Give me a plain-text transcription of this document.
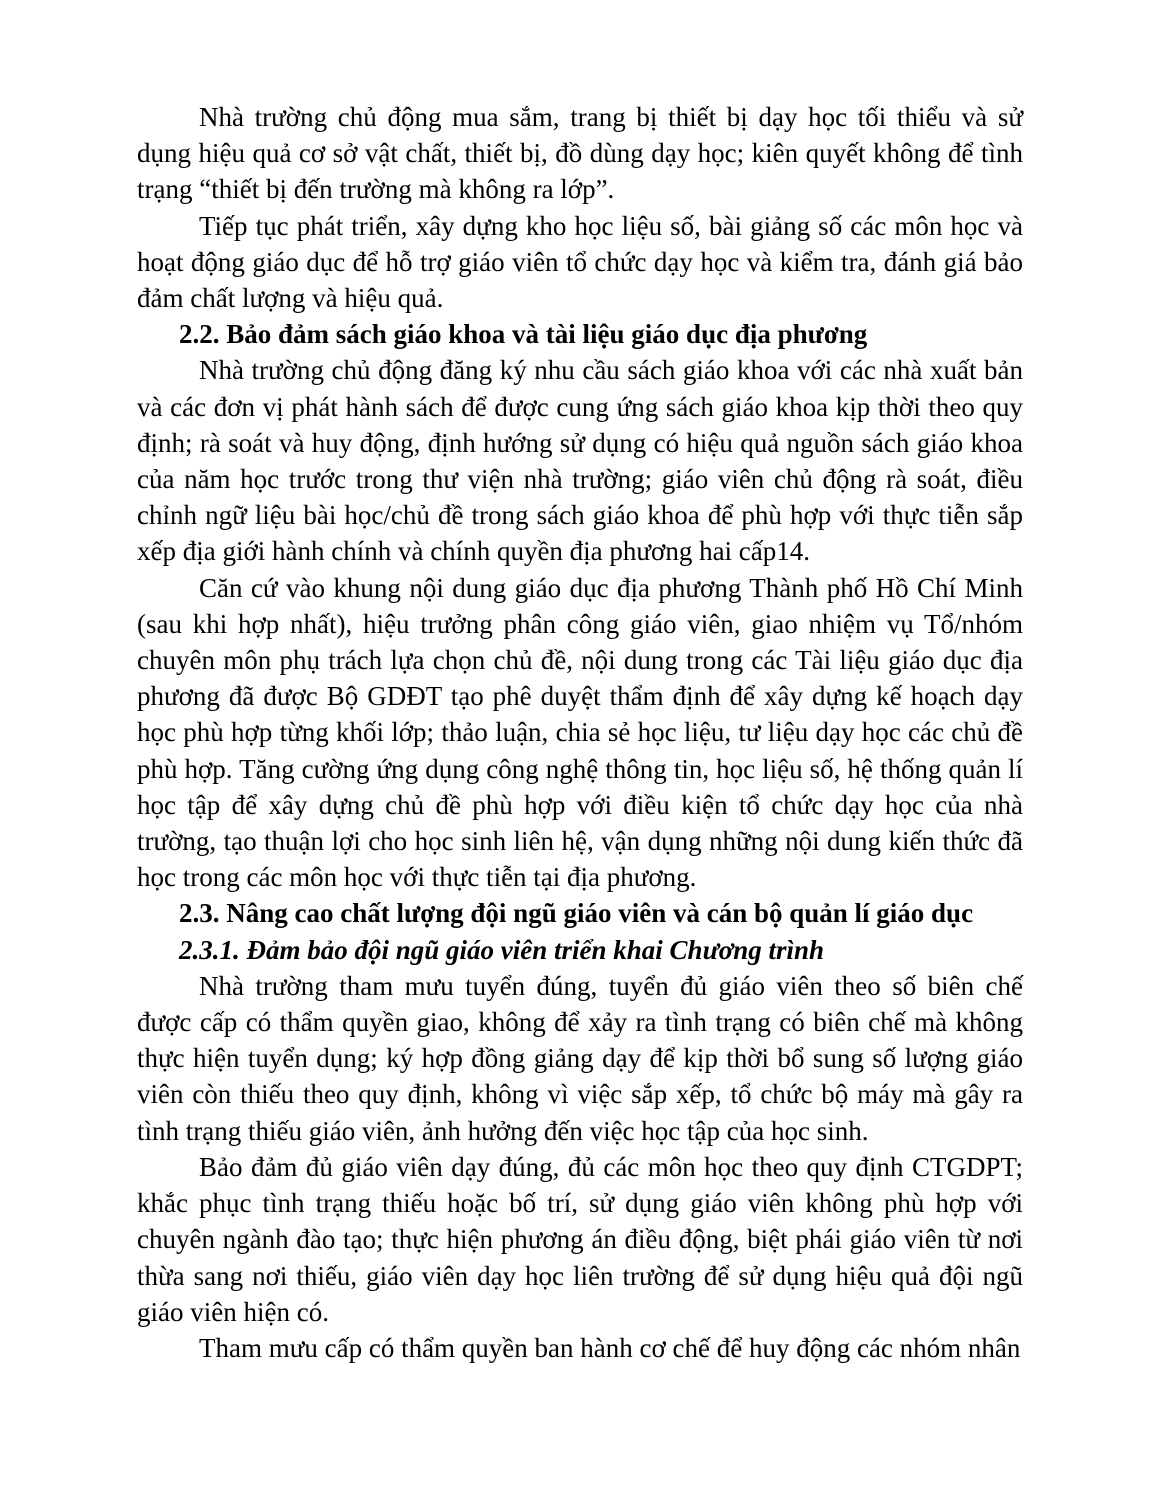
Nhà trường chủ động mua sắm, trang bị thiết bị dạy học tối thiểu và sử dụng hiệu quả cơ sở vật chất, thiết bị, đồ dùng dạy học; kiên quyết không để tình trạng “thiết bị đến trường mà không ra lớp”.

Tiếp tục phát triển, xây dựng kho học liệu số, bài giảng số các môn học và hoạt động giáo dục để hỗ trợ giáo viên tổ chức dạy học và kiểm tra, đánh giá bảo đảm chất lượng và hiệu quả.

2.2. Bảo đảm sách giáo khoa và tài liệu giáo dục địa phương

Nhà trường chủ động đăng ký nhu cầu sách giáo khoa với các nhà xuất bản và các đơn vị phát hành sách để được cung ứng sách giáo khoa kịp thời theo quy định; rà soát và huy động, định hướng sử dụng có hiệu quả nguồn sách giáo khoa của năm học trước trong thư viện nhà trường; giáo viên chủ động rà soát, điều chỉnh ngữ liệu bài học/chủ đề trong sách giáo khoa để phù hợp với thực tiễn sắp xếp địa giới hành chính và chính quyền địa phương hai cấp14.

Căn cứ vào khung nội dung giáo dục địa phương Thành phố Hồ Chí Minh (sau khi hợp nhất), hiệu trưởng phân công giáo viên, giao nhiệm vụ Tổ/nhóm chuyên môn phụ trách lựa chọn chủ đề, nội dung trong các Tài liệu giáo dục địa phương đã được Bộ GDĐT tạo phê duyệt thẩm định để xây dựng kế hoạch dạy học phù hợp từng khối lớp; thảo luận, chia sẻ học liệu, tư liệu dạy học các chủ đề phù hợp. Tăng cường ứng dụng công nghệ thông tin, học liệu số, hệ thống quản lí học tập để xây dựng chủ đề phù hợp với điều kiện tổ chức dạy học của nhà trường, tạo thuận lợi cho học sinh liên hệ, vận dụng những nội dung kiến thức đã học trong các môn học với thực tiễn tại địa phương.

2.3. Nâng cao chất lượng đội ngũ giáo viên và cán bộ quản lí giáo dục

2.3.1. Đảm bảo đội ngũ giáo viên triển khai Chương trình

Nhà trường tham mưu tuyển đúng, tuyển đủ giáo viên theo số biên chế được cấp có thẩm quyền giao, không để xảy ra tình trạng có biên chế mà không thực hiện tuyển dụng; ký hợp đồng giảng dạy để kịp thời bổ sung số lượng giáo viên còn thiếu theo quy định, không vì việc sắp xếp, tổ chức bộ máy mà gây ra tình trạng thiếu giáo viên, ảnh hưởng đến việc học tập của học sinh.

Bảo đảm đủ giáo viên dạy đúng, đủ các môn học theo quy định CTGDPT; khắc phục tình trạng thiếu hoặc bố trí, sử dụng giáo viên không phù hợp với chuyên ngành đào tạo; thực hiện phương án điều động, biệt phái giáo viên từ nơi thừa sang nơi thiếu, giáo viên dạy học liên trường để sử dụng hiệu quả đội ngũ giáo viên hiện có.

Tham mưu cấp có thẩm quyền ban hành cơ chế để huy động các nhóm nhân
